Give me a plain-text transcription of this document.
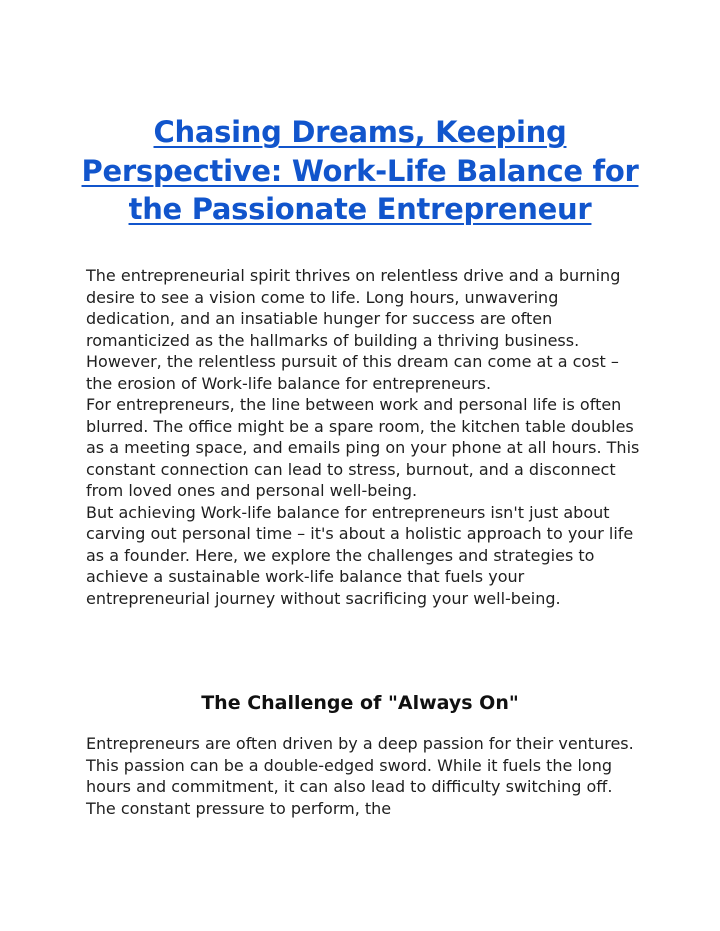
Chasing Dreams, Keeping Perspective: Work-Life Balance for the Passionate Entrepreneur

The entrepreneurial spirit thrives on relentless drive and a burning desire to see a vision come to life. Long hours, unwavering dedication, and an insatiable hunger for success are often romanticized as the hallmarks of building a thriving business. However, the relentless pursuit of this dream can come at a cost – the erosion of Work-life balance for entrepreneurs.

For entrepreneurs, the line between work and personal life is often blurred. The office might be a spare room, the kitchen table doubles as a meeting space, and emails ping on your phone at all hours. This constant connection can lead to stress, burnout, and a disconnect from loved ones and personal well-being.

But achieving Work-life balance for entrepreneurs isn't just about carving out personal time – it's about a holistic approach to your life as a founder. Here, we explore the challenges and strategies to achieve a sustainable work-life balance that fuels your entrepreneurial journey without sacrificing your well-being.

The Challenge of "Always On"

Entrepreneurs are often driven by a deep passion for their ventures. This passion can be a double-edged sword. While it fuels the long hours and commitment, it can also lead to difficulty switching off. The constant pressure to perform, the
